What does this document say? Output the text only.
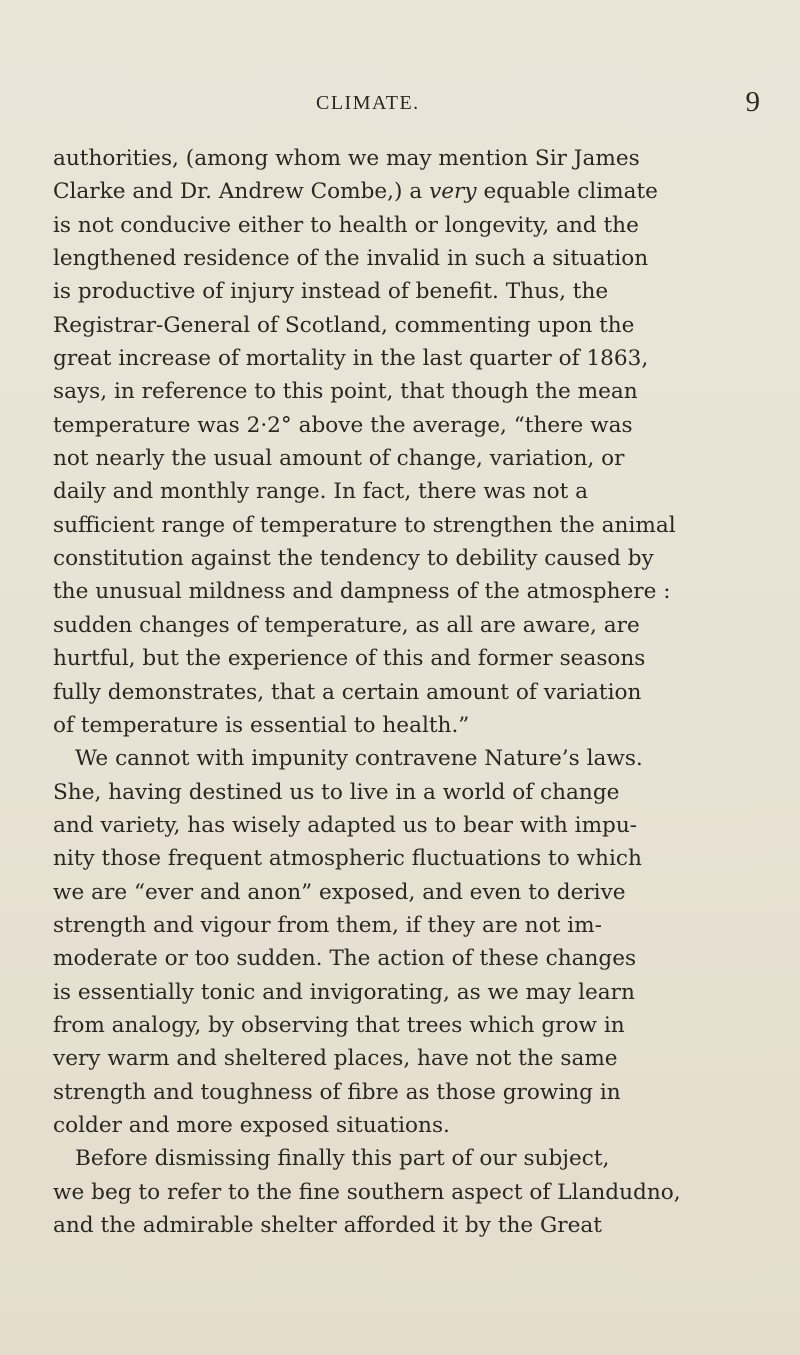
CLIMATE.	9
authorities, (among whom we may mention Sir James
Clarke and Dr. Andrew Combe,) a very equable climate
is not conducive either to health or longevity, and the
lengthened residence of the invalid in such a situation
is productive of injury instead of benefit. Thus, the
Registrar-General of Scotland, commenting upon the
great increase of mortality in the last quarter of 1863,
says, in reference to this point, that though the mean
temperature was 2·2° above the average, “there was
not nearly the usual amount of change, variation, or
daily and monthly range. In fact, there was not a
sufficient range of temperature to strengthen the animal
constitution against the tendency to debility caused by
the unusual mildness and dampness of the atmosphere :
sudden changes of temperature, as all are aware, are
hurtful, but the experience of this and former seasons
fully demonstrates, that a certain amount of variation
of temperature is essential to health.”
We cannot with impunity contravene Nature’s laws.
She, having destined us to live in a world of change
and variety, has wisely adapted us to bear with impu-
nity those frequent atmospheric fluctuations to which
we are “ever and anon” exposed, and even to derive
strength and vigour from them, if they are not im-
moderate or too sudden. The action of these changes
is essentially tonic and invigorating, as we may learn
from analogy, by observing that trees which grow in
very warm and sheltered places, have not the same
strength and toughness of fibre as those growing in
colder and more exposed situations.
Before dismissing finally this part of our subject,
we beg to refer to the fine southern aspect of Llandudno,
and the admirable shelter afforded it by the Great
